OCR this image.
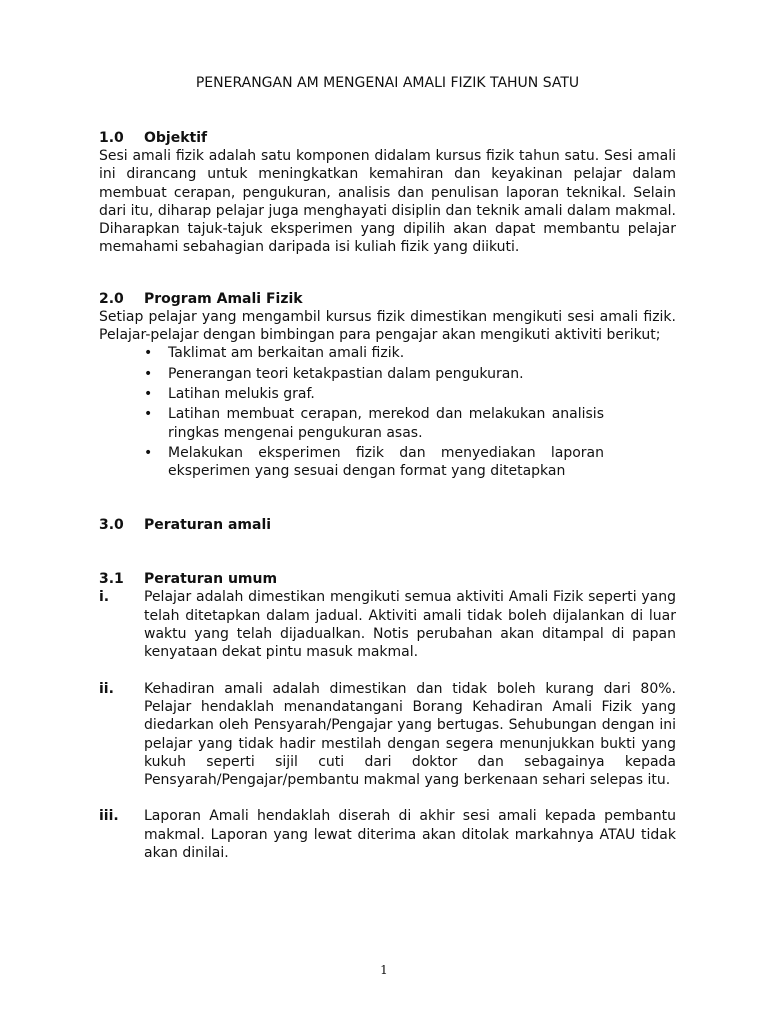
PENERANGAN AM MENGENAI AMALI FIZIK TAHUN SATU
1.0	Objektif

Sesi amali fizik adalah satu komponen didalam kursus fizik tahun satu. Sesi amali ini dirancang untuk meningkatkan kemahiran dan keyakinan pelajar dalam membuat cerapan, pengukuran, analisis dan penulisan laporan teknikal. Selain dari itu, diharap pelajar juga menghayati disiplin dan teknik amali dalam makmal. Diharapkan tajuk-tajuk eksperimen yang dipilih akan dapat membantu pelajar memahami sebahagian daripada isi kuliah fizik yang diikuti.

2.0	Program Amali Fizik

Setiap pelajar yang mengambil kursus fizik dimestikan mengikuti sesi amali fizik. Pelajar-pelajar dengan bimbingan para pengajar akan mengikuti aktiviti berikut;

• Taklimat am berkaitan amali fizik.
• Penerangan teori ketakpastian dalam pengukuran.
• Latihan melukis graf.
• Latihan membuat cerapan, merekod dan melakukan analisis ringkas mengenai pengukuran asas.
• Melakukan eksperimen fizik dan menyediakan laporan eksperimen yang sesuai dengan format yang ditetapkan
3.0	Peraturan amali
3.1	Peraturan umum
i.	Pelajar adalah dimestikan mengikuti semua aktiviti Amali Fizik seperti yang telah ditetapkan dalam jadual. Aktiviti amali tidak boleh dijalankan di luar waktu yang telah dijadualkan. Notis perubahan akan ditampal di papan kenyataan dekat pintu masuk makmal.

ii.	Kehadiran amali adalah dimestikan dan tidak boleh kurang dari 80%. Pelajar hendaklah menandatangani Borang Kehadiran Amali Fizik yang diedarkan oleh Pensyarah/Pengajar yang bertugas. Sehubungan dengan ini pelajar yang tidak hadir mestilah dengan segera menunjukkan bukti yang kukuh seperti sijil cuti dari doktor dan sebagainya kepada Pensyarah/Pengajar/pembantu makmal yang berkenaan sehari selepas itu.

iii.	Laporan Amali hendaklah diserah di akhir sesi amali kepada pembantu makmal. Laporan yang lewat diterima akan ditolak markahnya ATAU tidak akan dinilai.

1
